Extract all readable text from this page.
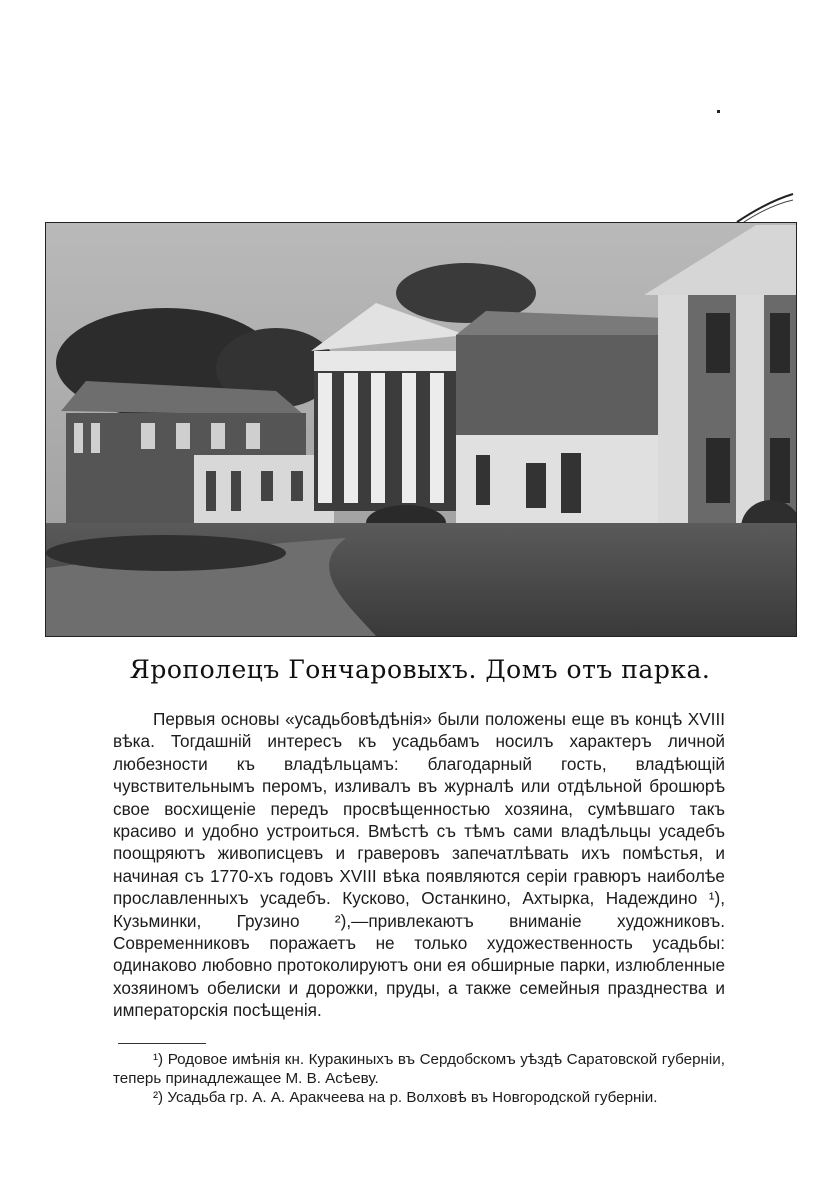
Ярополецъ Гончаровыхъ. Домъ отъ парка.

Первыя основы «усадьбовѣдѣнія» были положены еще въ концѣ XVIII вѣка. Тогдашній интересъ къ усадьбамъ носилъ характеръ личной любезности къ владѣльцамъ: благодарный гость, владѣющій чувствительнымъ перомъ, изливалъ въ журналѣ или отдѣльной брошюрѣ свое восхищеніе передъ просвѣщенностью хозяина, сумѣвшаго такъ красиво и удобно устроиться. Вмѣстѣ съ тѣмъ сами владѣльцы усадебъ поощряютъ живописцевъ и граверовъ запечатлѣвать ихъ помѣстья, и начиная съ 1770-хъ годовъ XVIII вѣка появляются серіи гравюръ наиболѣе прославленныхъ усадебъ. Кусково, Останкино, Ахтырка, Надеждино ¹), Кузьминки, Грузино ²),—привлекаютъ вниманіе художниковъ. Современниковъ поражаетъ не только художественность усадьбы: одинаково любовно протоколируютъ они ея обширные парки, излюбленные хозяиномъ обелиски и дорожки, пруды, а также семейныя празднества и императорскія посѣщенія.

¹) Родовое имѣнія кн. Куракиныхъ въ Сердобскомъ уѣздѣ Саратовской губерніи, теперь принадлежащее М. В. Асѣеву.

²) Усадьба гр. А. А. Аракчеева на р. Волховѣ въ Новгородской губерніи.
